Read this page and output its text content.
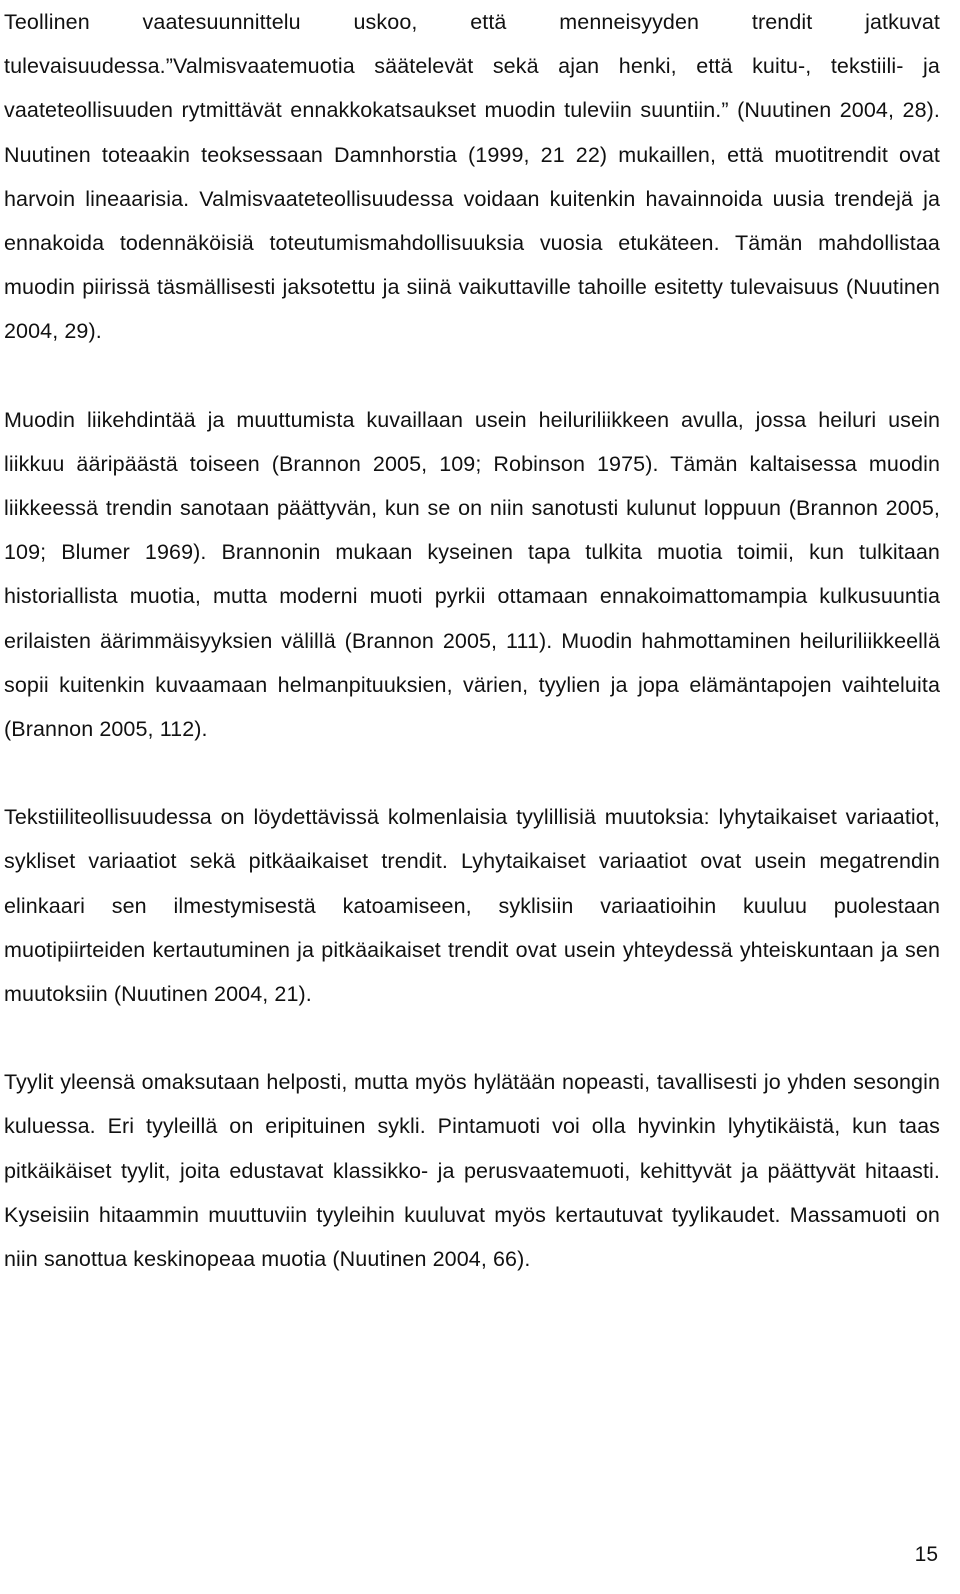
Teollinen vaatesuunnittelu uskoo, että menneisyyden trendit jatkuvat tulevaisuudessa.”Valmisvaatemuotia säätelevät sekä ajan henki, että kuitu-, tekstiili- ja vaateteollisuuden rytmittävät ennakkokatsaukset muodin tuleviin suuntiin.” (Nuutinen 2004, 28). Nuutinen toteaakin teoksessaan Damnhorstia (1999, 21 22) mukaillen, että muotitrendit ovat harvoin lineaarisia. Valmisvaateteollisuudessa voidaan kuitenkin havainnoida uusia trendejä ja ennakoida todennäköisiä toteutumismahdollisuuksia vuosia etukäteen. Tämän mahdollistaa muodin piirissä täsmällisesti jaksotettu ja siinä vaikuttaville tahoille esitetty tulevaisuus (Nuutinen 2004, 29).

Muodin liikehdintää ja muuttumista kuvaillaan usein heiluriliikkeen avulla, jossa heiluri usein liikkuu ääripäästä toiseen (Brannon 2005, 109; Robinson 1975). Tämän kaltaisessa muodin liikkeessä trendin sanotaan päättyvän, kun se on niin sanotusti kulunut loppuun (Brannon 2005, 109; Blumer 1969). Brannonin mukaan kyseinen tapa tulkita muotia toimii, kun tulkitaan historiallista muotia, mutta moderni muoti pyrkii ottamaan ennakoimattomampia kulkusuuntia erilaisten äärimmäisyyksien välillä (Brannon 2005, 111). Muodin hahmottaminen heiluriliikkeellä sopii kuitenkin kuvaamaan helmanpituuksien, värien, tyylien ja jopa elämäntapojen vaihteluita (Brannon 2005, 112).

Tekstiiliteollisuudessa on löydettävissä kolmenlaisia tyylillisiä muutoksia: lyhytaikaiset variaatiot, sykliset variaatiot sekä pitkäaikaiset trendit. Lyhytaikaiset variaatiot ovat usein megatrendin elinkaari sen ilmestymisestä katoamiseen, syklisiin variaatioihin kuuluu puolestaan muotipiirteiden kertautuminen ja pitkäaikaiset trendit ovat usein yhteydessä yhteiskuntaan ja sen muutoksiin (Nuutinen 2004, 21).

Tyylit yleensä omaksutaan helposti, mutta myös hylätään nopeasti, tavallisesti jo yhden sesongin kuluessa. Eri tyyleillä on eripituinen sykli. Pintamuoti voi olla hyvinkin lyhytikäistä, kun taas pitkäikäiset tyylit, joita edustavat klassikko- ja perusvaatemuoti, kehittyvät ja päättyvät hitaasti. Kyseisiin hitaammin muuttuviin tyyleihin kuuluvat myös kertautuvat tyylikaudet. Massamuoti on niin sanottua keskinopeaa muotia (Nuutinen 2004, 66).

15
